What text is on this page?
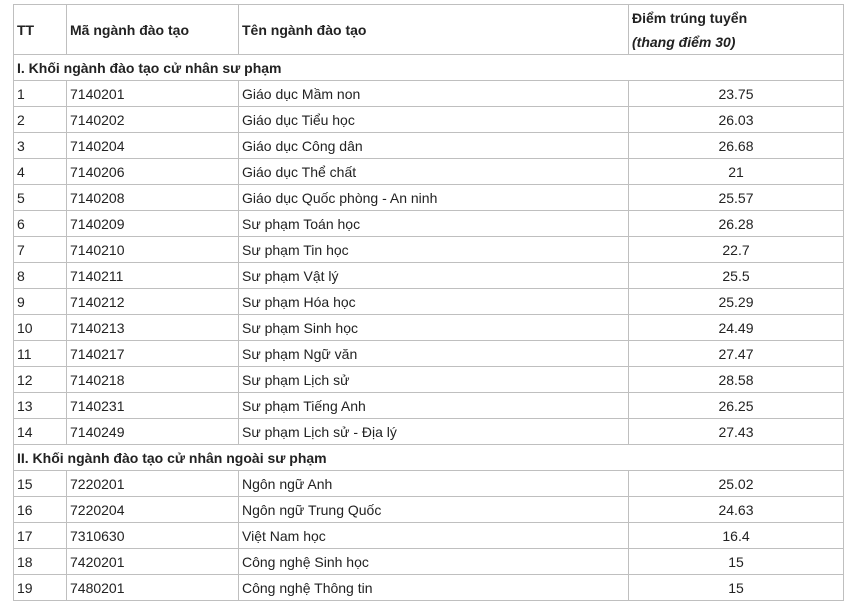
TT	Mã ngành đào tạo	Tên ngành đào tạo	Điểm trúng tuyển
(thang điểm 30)

I. Khối ngành đào tạo cử nhân sư phạm			
1	7140201	Giáo dục Mầm non	23.75
2	7140202	Giáo dục Tiểu học	26.03
3	7140204	Giáo dục Công dân	26.68
4	7140206	Giáo dục Thể chất	21
5	7140208	Giáo dục Quốc phòng - An ninh	25.57
6	7140209	Sư phạm Toán học	26.28
7	7140210	Sư phạm Tin học	22.7
8	7140211	Sư phạm Vật lý	25.5
9	7140212	Sư phạm Hóa học	25.29
10	7140213	Sư phạm Sinh học	24.49
11	7140217	Sư phạm Ngữ văn	27.47
12	7140218	Sư phạm Lịch sử	28.58
13	7140231	Sư phạm Tiếng Anh	26.25
14	7140249	Sư phạm Lịch sử - Địa lý	27.43
II. Khối ngành đào tạo cử nhân ngoài sư phạm			
15	7220201	Ngôn ngữ Anh	25.02
16	7220204	Ngôn ngữ Trung Quốc	24.63
17	7310630	Việt Nam học	16.4
18	7420201	Công nghệ Sinh học	15
19	7480201	Công nghệ Thông tin	15
